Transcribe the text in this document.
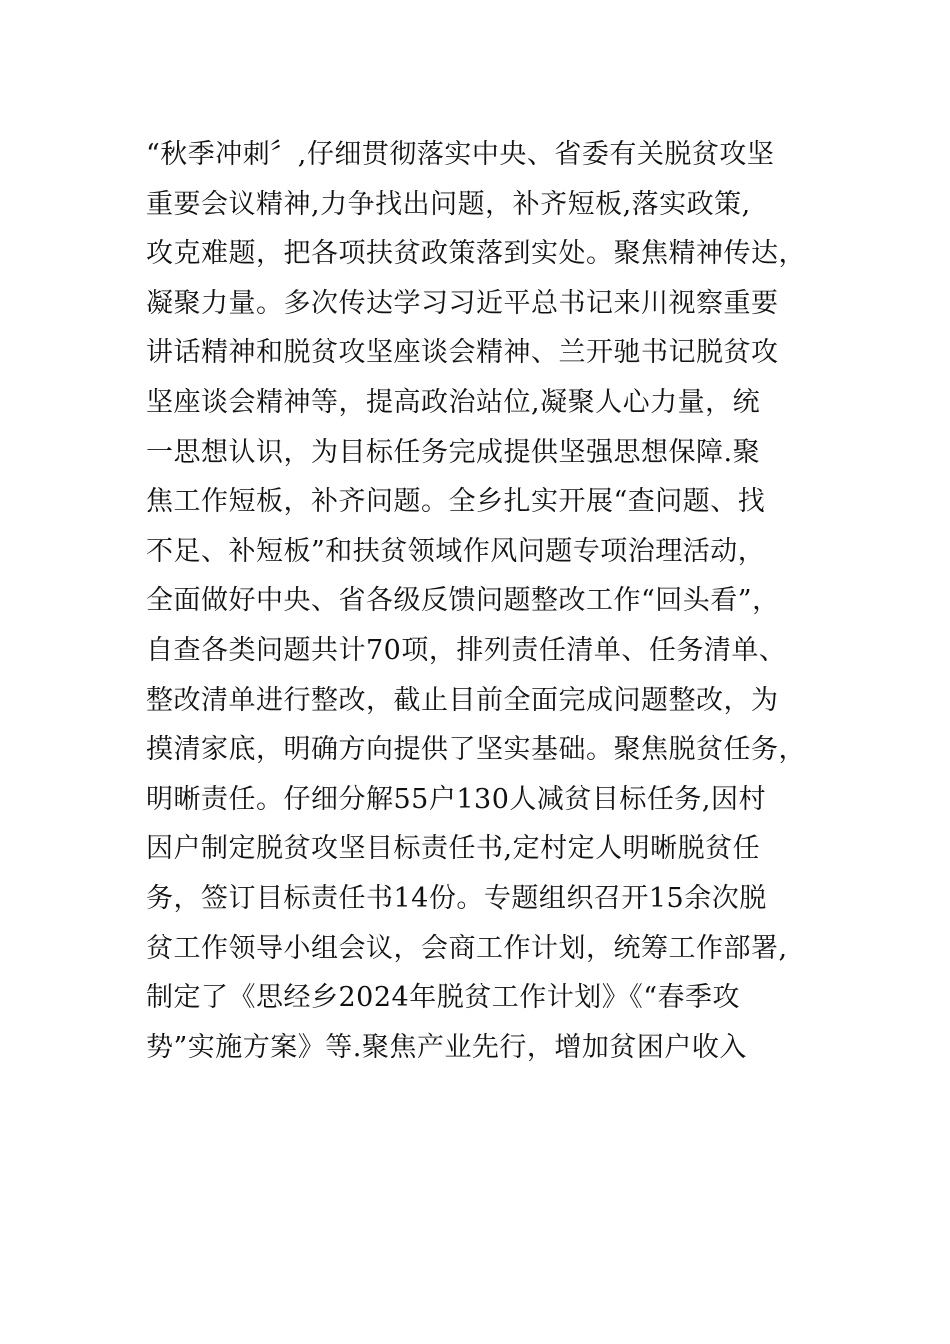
“秋季冲刺〞,仔细贯彻落实中央、省委有关脱贫攻坚
重要会议精神,力争找出问题，补齐短板,落实政策,
攻克难题，把各项扶贫政策落到实处。聚焦精神传达，
凝聚力量。多次传达学习习近平总书记来川视察重要
讲话精神和脱贫攻坚座谈会精神、兰开驰书记脱贫攻
坚座谈会精神等，提高政治站位,凝聚人心力量，统
一思想认识，为目标任务完成提供坚强思想保障.聚
焦工作短板，补齐问题。全乡扎实开展“查问题、找
不足、补短板”和扶贫领域作风问题专项治理活动，
全面做好中央、省各级反馈问题整改工作“回头看”，
自查各类问题共计70项，排列责任清单、任务清单、
整改清单进行整改，截止目前全面完成问题整改，为
摸清家底，明确方向提供了坚实基础。聚焦脱贫任务，
明晰责任。仔细分解55户130人减贫目标任务,因村
因户制定脱贫攻坚目标责任书,定村定人明晰脱贫任
务，签订目标责任书14份。专题组织召开15余次脱
贫工作领导小组会议，会商工作计划，统筹工作部署,
制定了《思经乡2024年脱贫工作计划》《“春季攻
势”实施方案》等.聚焦产业先行，增加贫困户收入
